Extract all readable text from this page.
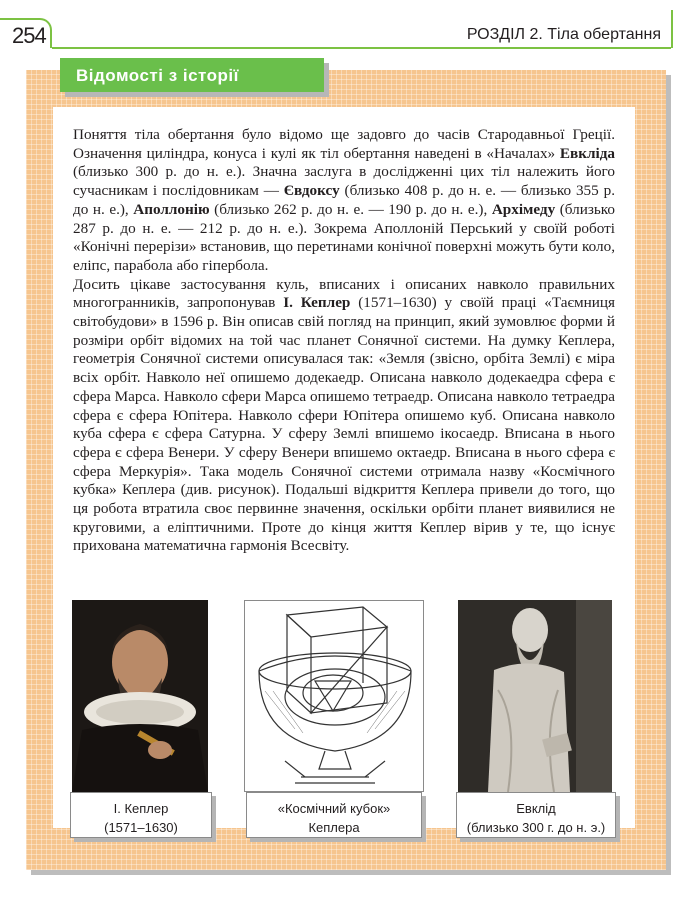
254	РОЗДІЛ 2. Тіла обертання
Відомості з історії

Поняття тіла обертання було відомо ще задовго до часів Стародавньої Греції. Означення циліндра, конуса і кулі як тіл обертання наведені в «Началах» Евкліда (близько 300 р. до н. е.). Значна заслуга в дослідженні цих тіл належить його сучасникам і послідовникам — Євдоксу (близько 408 р. до н. е. — близько 355 р. до н. е.), Аполлонію (близько 262 р. до н. е. — 190 р. до н. е.), Архімеду (близько 287 р. до н. е. — 212 р. до н. е.). Зокрема Аполлоній Перський у своїй роботі «Конічні перерізи» встановив, що перетинами конічної поверхні можуть бути коло, еліпс, парабола або гіпербола.

Досить цікаве застосування куль, вписаних і описаних навколо правильних многогранників, запропонував І. Кеплер (1571–1630) у своїй праці «Таємниця світобудови» в 1596 р. Він описав свій погляд на принцип, який зумовлює форми й розміри орбіт відомих на той час планет Сонячної системи. На думку Кеплера, геометрія Сонячної системи описувалася так: «Земля (звісно, орбіта Землі) є міра всіх орбіт. Навколо неї опишемо додекаедр. Описана навколо додекаедра сфера є сфера Марса. Навколо сфери Марса опишемо тетраедр. Описана навколо тетраедра сфера є сфера Юпітера. Навколо сфери Юпітера опишемо куб. Описана навколо куба сфера є сфера Сатурна. У сферу Землі впишемо ікосаедр. Вписана в нього сфера є сфера Венери. У сферу Венери впишемо октаедр. Вписана в нього сфера є сфера Меркурія». Така модель Сонячної системи отримала назву «Космічного кубка» Кеплера (див. рисунок). Подальші відкриття Кеплера привели до того, що ця робота втратила своє первинне значення, оскільки орбіти планет виявилися не круговими, а еліптичними. Проте до кінця життя Кеплер вірив у те, що існує прихована математична гармонія Всесвіту.

І. Кеплер
(1571–1630)
«Космічний кубок»
Кеплера
Евклід
(близько 300 г. до н. э.)
